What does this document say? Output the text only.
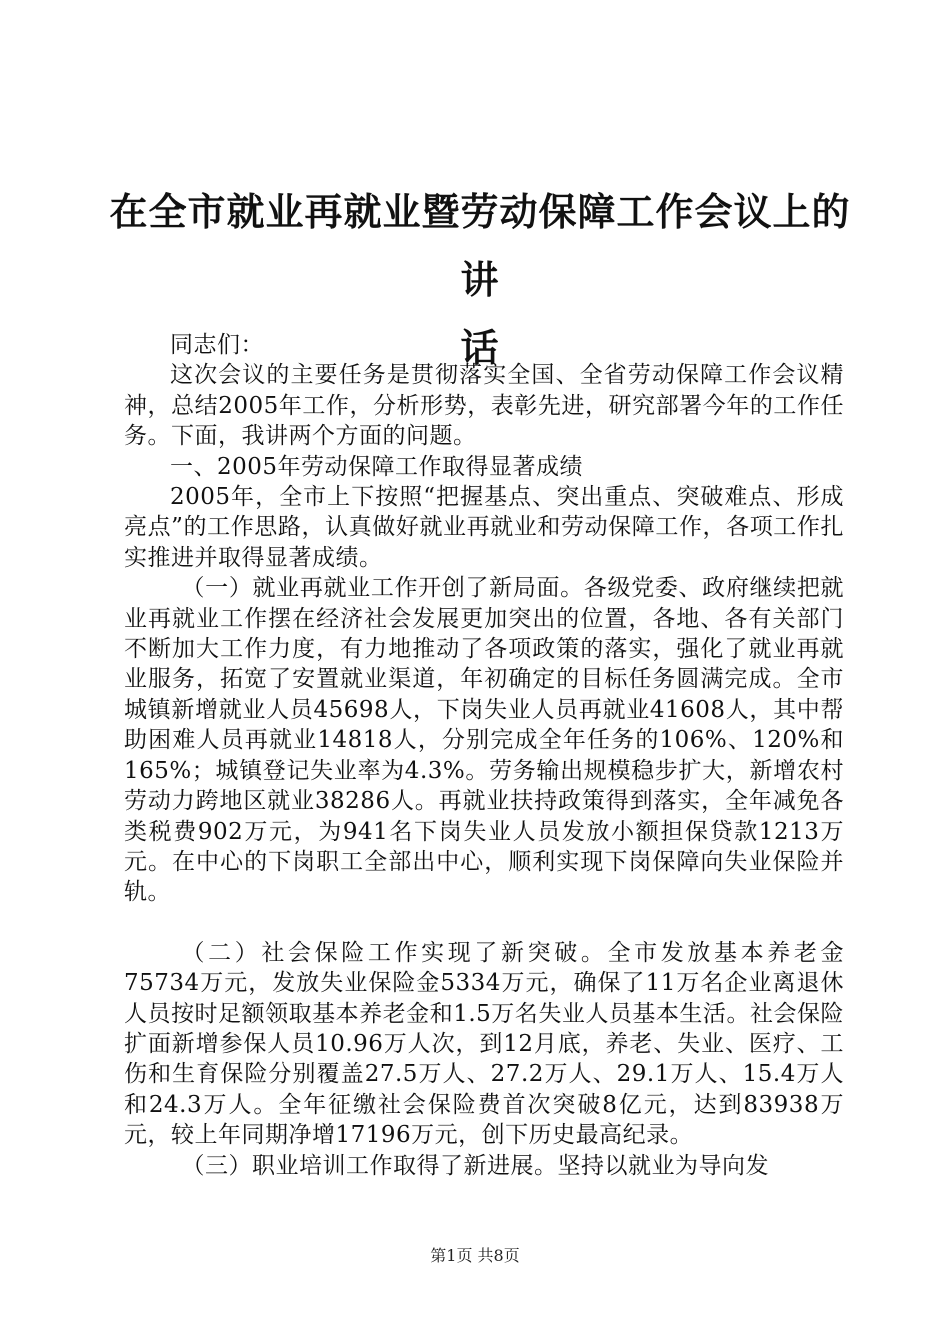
在全市就业再就业暨劳动保障工作会议上的讲
话

同志们：

这次会议的主要任务是贯彻落实全国、全省劳动保障工作会议精神，总结2005年工作，分析形势，表彰先进，研究部署今年的工作任务。下面，我讲两个方面的问题。

一、2005年劳动保障工作取得显著成绩

2005年，全市上下按照“把握基点、突出重点、突破难点、形成亮点”的工作思路，认真做好就业再就业和劳动保障工作，各项工作扎实推进并取得显著成绩。

（一）就业再就业工作开创了新局面。各级党委、政府继续把就业再就业工作摆在经济社会发展更加突出的位置，各地、各有关部门不断加大工作力度，有力地推动了各项政策的落实，强化了就业再就业服务，拓宽了安置就业渠道，年初确定的目标任务圆满完成。全市城镇新增就业人员45698人，下岗失业人员再就业41608人，其中帮助困难人员再就业14818人，分别完成全年任务的106%、120%和165%；城镇登记失业率为4.3%。劳务输出规模稳步扩大，新增农村劳动力跨地区就业38286人。再就业扶持政策得到落实，全年减免各类税费902万元，为941名下岗失业人员发放小额担保贷款1213万元。在中心的下岗职工全部出中心，顺利实现下岗保障向失业保险并轨。

（二）社会保险工作实现了新突破。全市发放基本养老金75734万元，发放失业保险金5334万元，确保了11万名企业离退休人员按时足额领取基本养老金和1.5万名失业人员基本生活。社会保险扩面新增参保人员10.96万人次，到12月底，养老、失业、医疗、工伤和生育保险分别覆盖27.5万人、27.2万人、29.1万人、15.4万人和24.3万人。全年征缴社会保险费首次突破8亿元，达到83938万元，较上年同期净增17196万元，创下历史最高纪录。

（三）职业培训工作取得了新进展。坚持以就业为导向发

第1页 共8页
